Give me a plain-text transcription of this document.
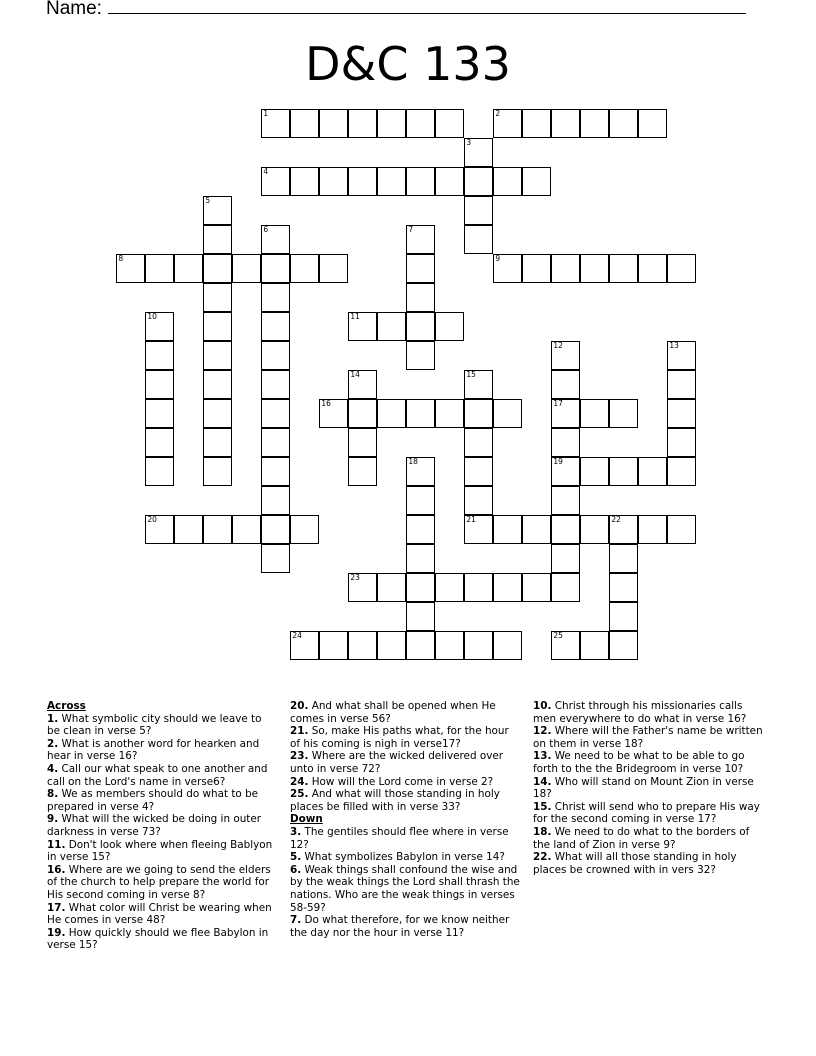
Name:
D&C 133
1	2
3
4
5
6	7
8	9
10	11
12
17
19
13
14	15
21
16
18
20	22
23
24	25
Across
1. What symbolic city should we leave to be clean in verse 5?
2. What is another word for hearken and hear in verse 16?
4. Call our what speak to one another and call on the Lord's name in verse6?
8. We as members should do what to be prepared in verse 4?
9. What will the wicked be doing in outer darkness in verse 73?
11. Don't look where when fleeing Bablyon in verse 15?
16. Where are we going to send the elders of the church to help prepare the world for His second coming in verse 8?
17. What color will Christ be wearing when He comes in verse 48?
19. How quickly should we flee Babylon in verse 15?
20. And what shall be opened when He comes in verse 56?
21. So, make His paths what, for the hour of his coming is nigh in verse17?
23. Where are the wicked delivered over unto in verse 72?
24. How will the Lord come in verse 2?
25. And what will those standing in holy places be filled with in verse 33?
Down
3. The gentiles should flee where in verse 12?
5. What symbolizes Babylon in verse 14?
6. Weak things shall confound the wise and by the weak things the Lord shall thrash the nations. Who are the weak things in verses 58-59?
7. Do what therefore, for we know neither the day nor the hour in verse 11?
10. Christ through his missionaries calls men everywhere to do what in verse 16?
12. Where will the Father's name be written on them in verse 18?
13. We need to be what to be able to go forth to the the Bridegroom in verse 10?
14. Who will stand on Mount Zion in verse 18?
15. Christ will send who to prepare His way for the second coming in verse 17?
18. We need to do what to the borders of the land of Zion in verse 9?
22. What will all those standing in holy places be crowned with in vers 32?
